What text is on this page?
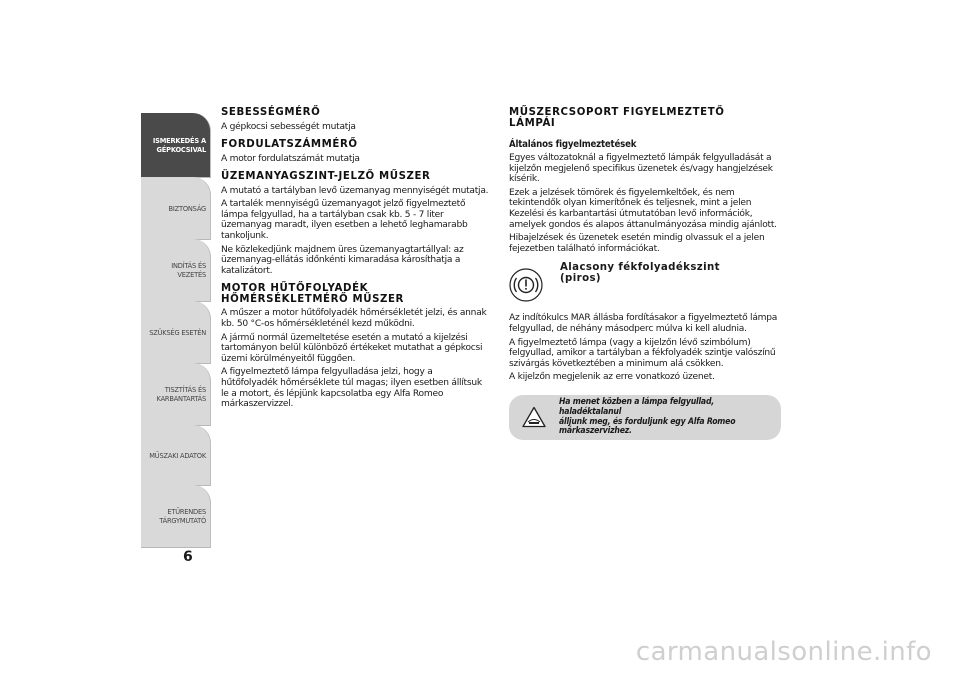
ISMERKEDÉS A GÉPKOCSIVAL
BIZTONSÁG
INDÍTÁS ÉS VEZETÉS
SZÜKSÉG ESETÉN
TISZTÍTÁS ÉS KARBANTARTÁS
MŰSZAKI ADATOK
ETŰRENDES TÁRGYMUTATÓ
6
SEBESSÉGMÉRŐ

A gépkocsi sebességét mutatja

FORDULATSZÁMMÉRŐ

A motor fordulatszámát mutatja

ÜZEMANYAGSZINT-JELZŐ MŰSZER

A mutató a tartályban levő üzemanyag mennyiségét mutatja.

A tartalék mennyiségű üzemanyagot jelző figyelmeztető lámpa felgyullad, ha a tartályban csak kb. 5 - 7 liter üzemanyag maradt, ilyen esetben a lehető leghamarabb tankoljunk.

Ne közlekedjünk majdnem üres üzemanyagtartállyal: az üzemanyag-ellátás időnkénti kimaradása károsíthatja a katalizátort.

MOTOR HŰTŐFOLYADÉK
HŐMÉRSÉKLETMÉRŐ MŰSZER

A műszer a motor hűtőfolyadék hőmérsékletét jelzi, és annak kb. 50 °C-os hőmérsékleténél kezd működni.

A jármű normál üzemeltetése esetén a mutató a kijelzési tartományon belül különböző értékeket mutathat a gépkocsi üzemi körülményeitől függően.

A figyelmeztető lámpa felgyulladása jelzi, hogy a hűtőfolyadék hőmérséklete túl magas; ilyen esetben állítsuk le a motort, és lépjünk kapcsolatba egy Alfa Romeo márkaszervizzel.

MŰSZERCSOPORT FIGYELMEZTETŐ
LÁMPÁI
Általános figyelmeztetések

Egyes változatoknál a figyelmeztető lámpák felgyulladását a kijelzőn megjelenő specifikus üzenetek és/vagy hangjelzések kísérik.

Ezek a jelzések tömörek és figyelemkeltőek, és nem tekintendők olyan kimerítőnek és teljesnek, mint a jelen Kezelési és karbantartási útmutatóban levő információk, amelyek gondos és alapos áttanulmányozása mindig ajánlott.

Hibajelzések és üzenetek esetén mindig olvassuk el a jelen fejezetben található információkat.

Alacsony fékfolyadékszint
(piros)

Az indítókulcs MAR állásba fordításakor a figyelmeztető lámpa felgyullad, de néhány másodperc múlva ki kell aludnia.

A figyelmeztető lámpa (vagy a kijelzőn lévő szimbólum) felgyullad, amikor a tartályban a fékfolyadék szintje valószínű szivárgás következtében a minimum alá csökken.

A kijelzőn megjelenik az erre vonatkozó üzenet.

Ha menet közben a lámpa felgyullad, haladéktalanul
álljunk meg, és forduljunk egy Alfa Romeo
márkaszervizhez.
carmanualsonline.info
